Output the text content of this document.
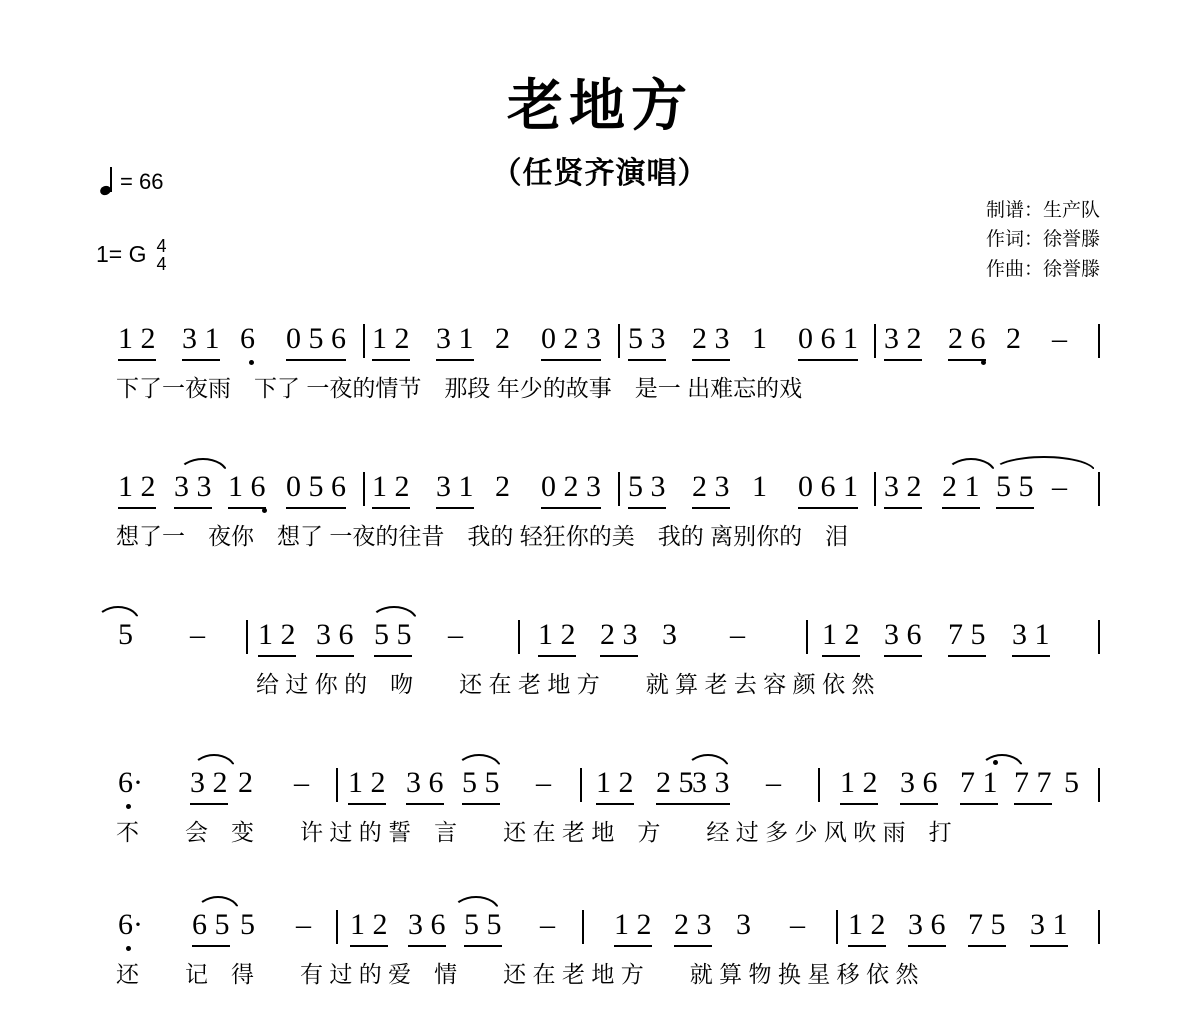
老地方
（任贤齐演唱）
= 66
1= G 4
4
制谱：生产队
作词：徐誉滕
作曲：徐誉滕
1 2 3 1 6 0 5 6 1 2 3 1 2 0 2 3 5 3 2 3 1 0 6 1 3 2 2 6 2 –
下了一夜雨　下了 一夜的情节　那段 年少的故事　是一 出难忘的戏
1 2 3 3 1 6 0 5 6 1 2 3 1 2 0 2 3 5 3 2 3 1 0 6 1 3 2 2 1 5 5 –
想了一　夜你　想了 一夜的往昔　我的 轻狂你的美　我的 离别你的　泪
5 – 1 2 3 6 5 5 –	1 2 2 3 3 –	1 2 3 6 7 5 3 1
给 过 你 的　吻　　还 在 老 地 方　　就 算 老 去 容 颜 依 然
6· 3 2 2 – 1 2 3 6 5 5 – 1 2 2 5
3 3 – 1 2 3 6 7 1 7 7 5
不　　会　变　　许 过 的 誓　言　　还 在 老 地　方　　经 过 多 少 风 吹 雨　打
6· 6 5 5 – 1 2 3 6 5 5 – 1 2 2 3 3 – 1 2 3 6 7 5 3 1
还　　记　得　　有 过 的 爱　情　　还 在 老 地 方　　就 算 物 换 星 移 依 然
